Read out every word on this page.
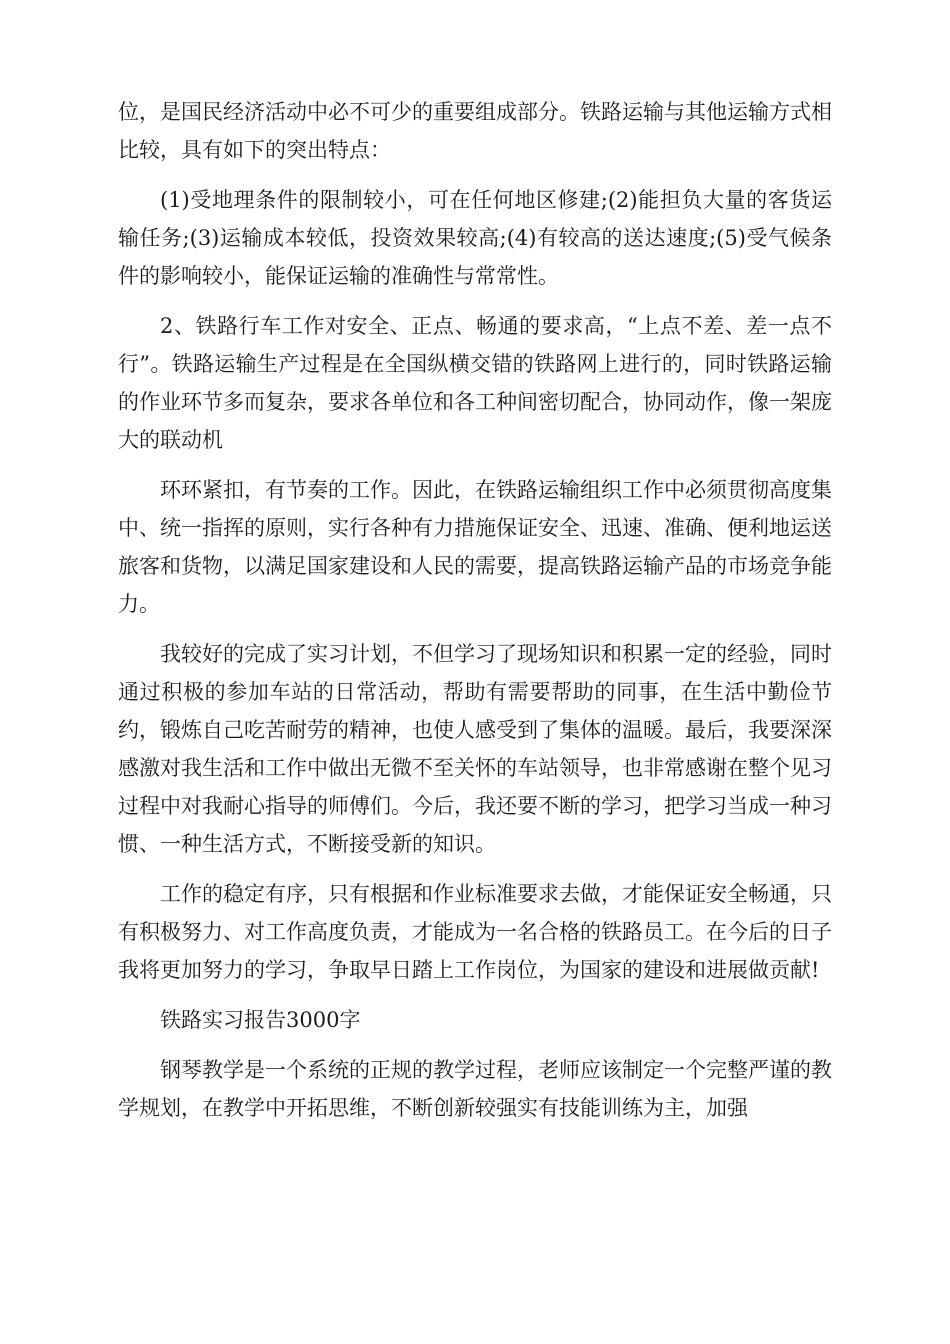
位，是国民经济活动中必不可少的重要组成部分。铁路运输与其他运输方式相比较，具有如下的突出特点：

(1)受地理条件的限制较小，可在任何地区修建;(2)能担负大量的客货运输任务;(3)运输成本较低，投资效果较高;(4)有较高的送达速度;(5)受气候条件的影响较小，能保证运输的准确性与常常性。

2、铁路行车工作对安全、正点、畅通的要求高，“上点不差、差一点不行”。铁路运输生产过程是在全国纵横交错的铁路网上进行的，同时铁路运输的作业环节多而复杂，要求各单位和各工种间密切配合，协同动作，像一架庞大的联动机

环环紧扣，有节奏的工作。因此，在铁路运输组织工作中必须贯彻高度集中、统一指挥的原则，实行各种有力措施保证安全、迅速、准确、便利地运送旅客和货物，以满足国家建设和人民的需要，提高铁路运输产品的市场竞争能力。

我较好的完成了实习计划，不但学习了现场知识和积累一定的经验，同时通过积极的参加车站的日常活动，帮助有需要帮助的同事，在生活中勤俭节约，锻炼自己吃苦耐劳的精神，也使人感受到了集体的温暖。最后，我要深深感激对我生活和工作中做出无微不至关怀的车站领导，也非常感谢在整个见习过程中对我耐心指导的师傅们。今后，我还要不断的学习，把学习当成一种习惯、一种生活方式，不断接受新的知识。

工作的稳定有序，只有根据和作业标准要求去做，才能保证安全畅通，只有积极努力、对工作高度负责，才能成为一名合格的铁路员工。在今后的日子我将更加努力的学习，争取早日踏上工作岗位，为国家的建设和进展做贡献!

铁路实习报告3000字

钢琴教学是一个系统的正规的教学过程，老师应该制定一个完整严谨的教学规划，在教学中开拓思维，不断创新较强实有技能训练为主，加强
